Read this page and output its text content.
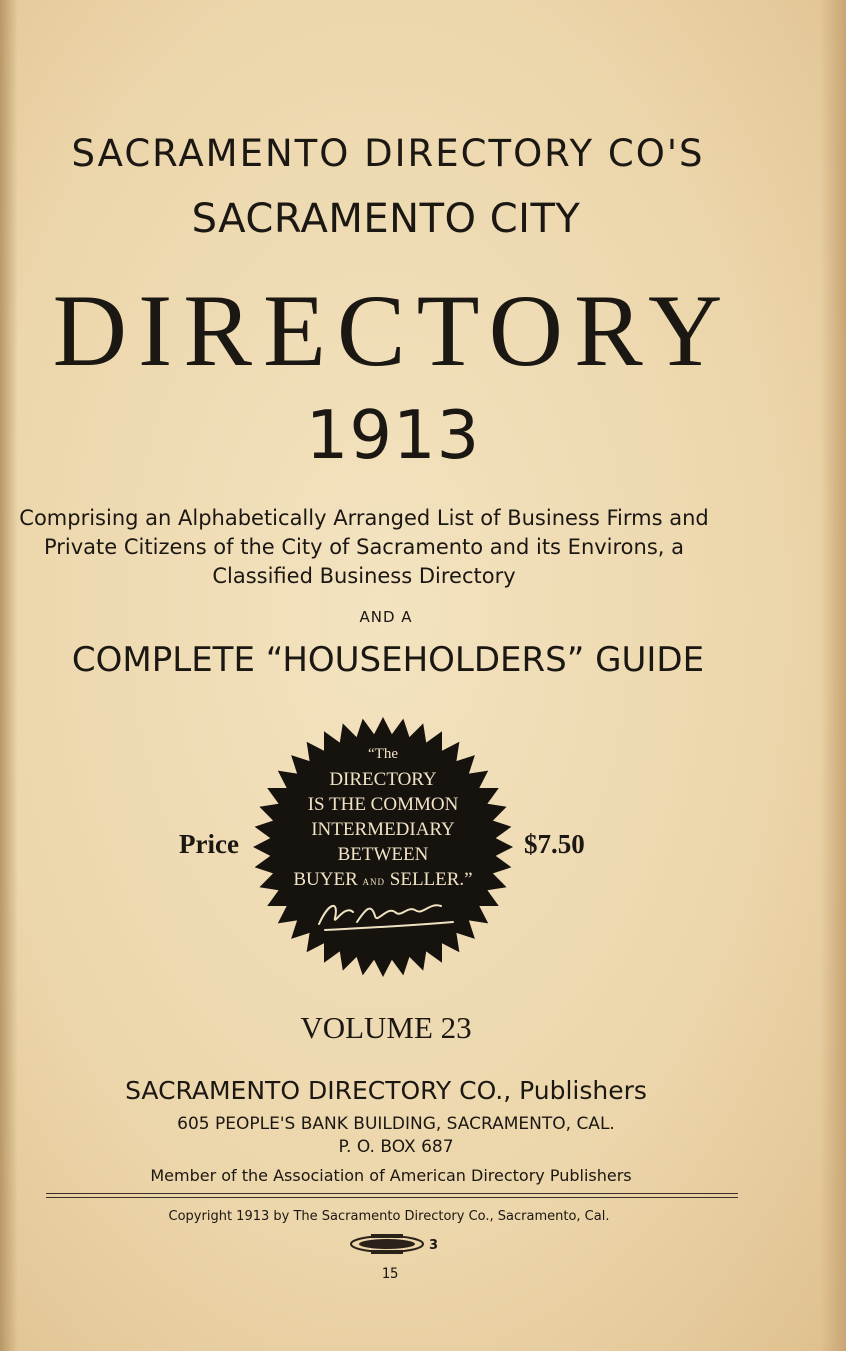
SACRAMENTO DIRECTORY CO'S
SACRAMENTO CITY
DIRECTORY
1913
Comprising an Alphabetically Arranged List of Business Firms and Private Citizens of the City of Sacramento and its Environs, a Classified Business Directory
AND A
COMPLETE “HOUSEHOLDERS” GUIDE
Price	$7.50
“The
DIRECTORY
IS THE COMMON
INTERMEDIARY
BETWEEN
BUYER AND SELLER.”
VOLUME 23
SACRAMENTO DIRECTORY CO., Publishers
605 PEOPLE'S BANK BUILDING, SACRAMENTO, CAL.
P. O. BOX 687
Member of the Association of American Directory Publishers
Copyright 1913 by The Sacramento Directory Co., Sacramento, Cal.
3
15
